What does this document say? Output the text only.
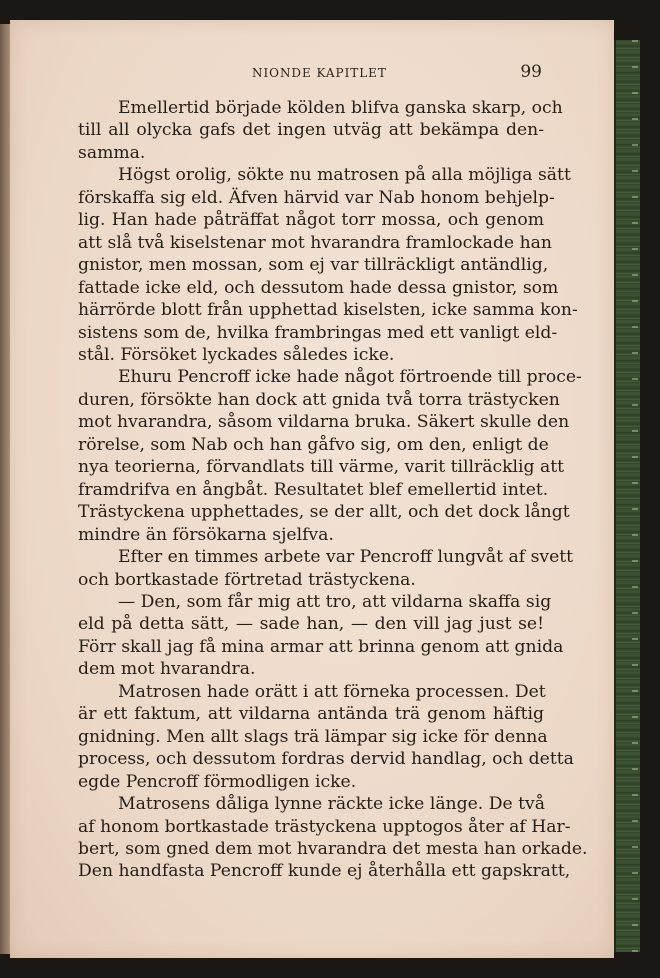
NIONDE KAPITLET	99

Emellertid började kölden blifva ganska skarp, och
till all olycka gafs det ingen utväg att bekämpa den-
samma.

Högst orolig, sökte nu matrosen på alla möjliga sätt
förskaffa sig eld. Äfven härvid var Nab honom behjelp-
lig. Han hade påträffat något torr mossa, och genom
att slå två kiselstenar mot hvarandra framlockade han
gnistor, men mossan, som ej var tillräckligt antändlig,
fattade icke eld, och dessutom hade dessa gnistor, som
härrörde blott från upphettad kiselsten, icke samma kon-
sistens som de, hvilka frambringas med ett vanligt eld-
stål. Försöket lyckades således icke.

Ehuru Pencroff icke hade något förtroende till proce-
duren, försökte han dock att gnida två torra trästycken
mot hvarandra, såsom vildarna bruka. Säkert skulle den
rörelse, som Nab och han gåfvo sig, om den, enligt de
nya teorierna, förvandlats till värme, varit tillräcklig att
framdrifva en ångbåt. Resultatet blef emellertid intet.
Trästyckena upphettades, se der allt, och det dock långt
mindre än försökarna sjelfva.

Efter en timmes arbete var Pencroff lungvåt af svett
och bortkastade förtretad trästyckena.

— Den, som får mig att tro, att vildarna skaffa sig
eld på detta sätt, — sade han, — den vill jag just se!
Förr skall jag få mina armar att brinna genom att gnida
dem mot hvarandra.

Matrosen hade orätt i att förneka processen. Det
är ett faktum, att vildarna antända trä genom häftig
gnidning. Men allt slags trä lämpar sig icke för denna
process, och dessutom fordras dervid handlag, och detta
egde Pencroff förmodligen icke.

Matrosens dåliga lynne räckte icke länge. De två
af honom bortkastade trästyckena upptogos åter af Har-
bert, som gned dem mot hvarandra det mesta han orkade.
Den handfasta Pencroff kunde ej återhålla ett gapskratt,
